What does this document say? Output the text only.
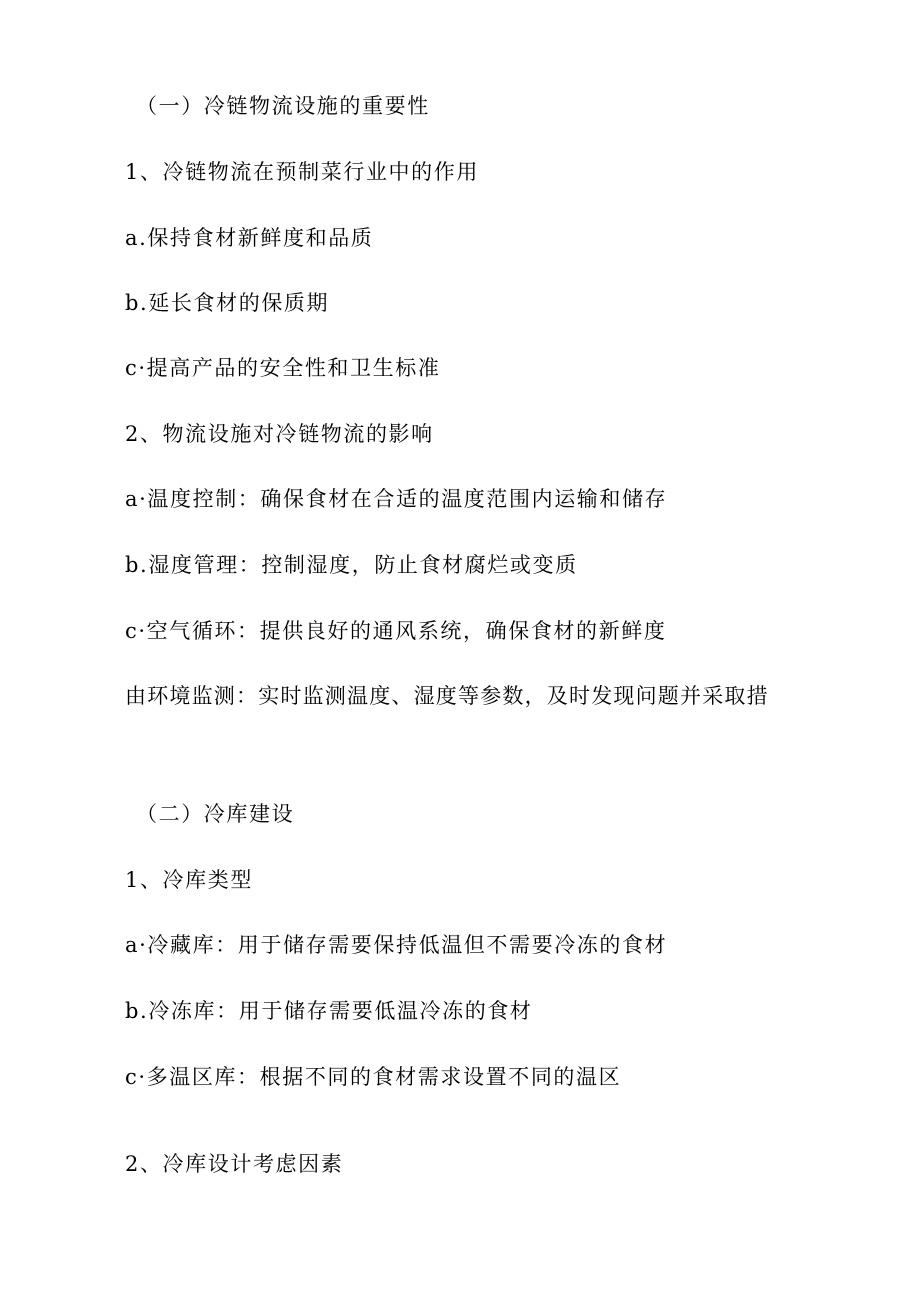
（一）冷链物流设施的重要性
1、冷链物流在预制菜行业中的作用
a.保持食材新鲜度和品质
b.延长食材的保质期
c·提高产品的安全性和卫生标准
2、物流设施对冷链物流的影响
a·温度控制：确保食材在合适的温度范围内运输和储存
b.湿度管理：控制湿度，防止食材腐烂或变质
c·空气循环：提供良好的通风系统，确保食材的新鲜度
由环境监测：实时监测温度、湿度等参数，及时发现问题并采取措
（二）冷库建设
1、冷库类型
a·冷藏库：用于储存需要保持低温但不需要冷冻的食材
b.冷冻库：用于储存需要低温冷冻的食材
c·多温区库：根据不同的食材需求设置不同的温区
2、冷库设计考虑因素
